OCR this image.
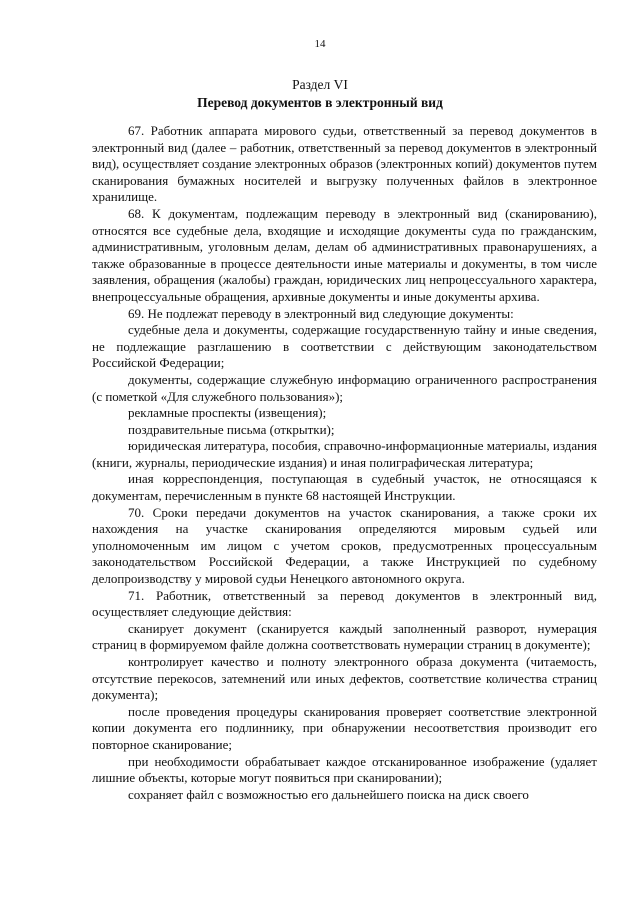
14
Раздел VI
Перевод документов в электронный вид

67. Работник аппарата мирового судьи, ответственный за перевод документов в электронный вид (далее – работник, ответственный за перевод документов в электронный вид), осуществляет создание электронных образов (электронных копий) документов путем сканирования бумажных носителей и выгрузку полученных файлов в электронное хранилище.

68. К документам, подлежащим переводу в электронный вид (сканированию), относятся все судебные дела, входящие и исходящие документы суда по гражданским, административным, уголовным делам, делам об административных правонарушениях, а также образованные в процессе деятельности иные материалы и документы, в том числе заявления, обращения (жалобы) граждан, юридических лиц непроцессуального характера, внепроцессуальные обращения, архивные документы и иные документы архива.

69. Не подлежат переводу в электронный вид следующие документы:

судебные дела и документы, содержащие государственную тайну и иные сведения, не подлежащие разглашению в соответствии с действующим законодательством Российской Федерации;

документы, содержащие служебную информацию ограниченного распространения (с пометкой «Для служебного пользования»);

рекламные проспекты (извещения);

поздравительные письма (открытки);

юридическая литература, пособия, справочно-информационные материалы, издания (книги, журналы, периодические издания) и иная полиграфическая литература;

иная корреспонденция, поступающая в судебный участок, не относящаяся к документам, перечисленным в пункте 68 настоящей Инструкции.

70. Сроки передачи документов на участок сканирования, а также сроки их нахождения на участке сканирования определяются мировым судьей или уполномоченным им лицом с учетом сроков, предусмотренных процессуальным законодательством Российской Федерации, а также Инструкцией по судебному делопроизводству у мировой судьи Ненецкого автономного округа.

71. Работник, ответственный за перевод документов в электронный вид, осуществляет следующие действия:

сканирует документ (сканируется каждый заполненный разворот, нумерация страниц в формируемом файле должна соответствовать нумерации страниц в документе);

контролирует качество и полноту электронного образа документа (читаемость, отсутствие перекосов, затемнений или иных дефектов, соответствие количества страниц документа);

после проведения процедуры сканирования проверяет соответствие электронной копии документа его подлиннику, при обнаружении несоответствия производит его повторное сканирование;

при необходимости обрабатывает каждое отсканированное изображение (удаляет лишние объекты, которые могут появиться при сканировании);

сохраняет файл с возможностью его дальнейшего поиска на диск своего
